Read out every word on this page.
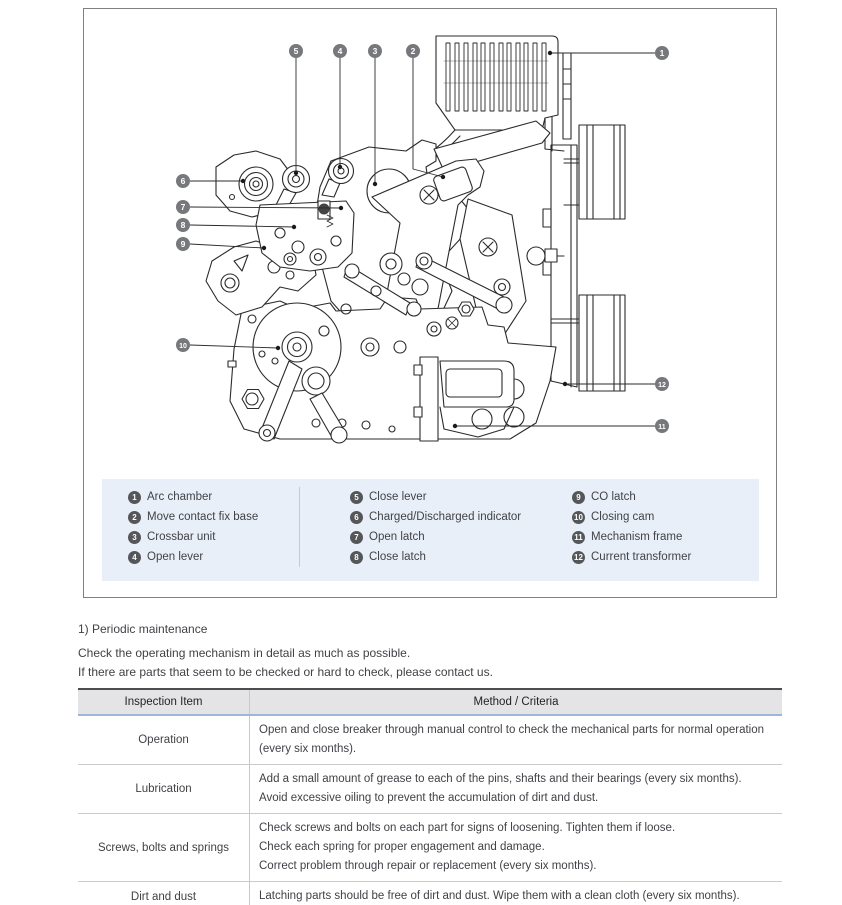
1
2
3
4
5
6
7
8
9
10
11
12
1 Arc chamber
2 Move contact fix base
3 Crossbar unit
4 Open lever
5 Close lever
6 Charged/Discharged indicator
7 Open latch
8 Close latch
9 CO latch
10 Closing cam
11 Mechanism frame
12 Current transformer
1) Periodic maintenance
Check the operating mechanism in detail as much as possible.
If there are parts that seem to be checked or hard to check, please contact us.
Inspection Item	Method / Criteria
Operation
Open and close breaker through manual control to check the mechanical parts for normal operation (every six months).
Lubrication
Add a small amount of grease to each of the pins, shafts and their bearings (every six months).
Avoid excessive oiling to prevent the accumulation of dirt and dust.
Screws, bolts and springs
Check screws and bolts on each part for signs of loosening. Tighten them if loose.
Check each spring for proper engagement and damage.
Correct problem through repair or replacement (every six months).
Dirt and dust	Latching parts should be free of dirt and dust. Wipe them with a clean cloth (every six months).
